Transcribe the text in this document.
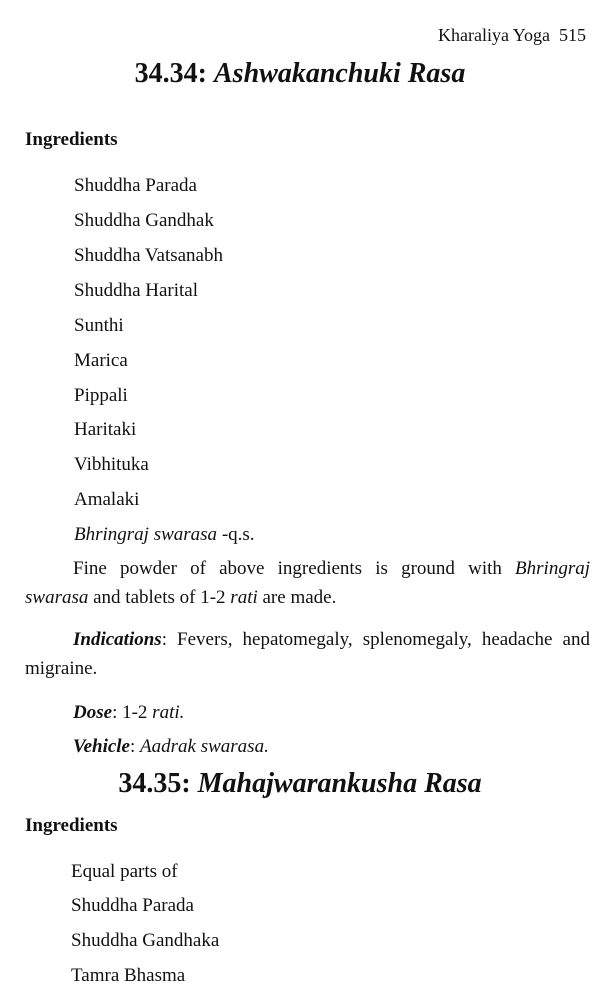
Kharaliya Yoga 515
34.34: Ashwakanchuki Rasa
Ingredients
Shuddha Parada
Shuddha Gandhak
Shuddha Vatsanabh
Shuddha Harital
Sunthi
Marica
Pippali
Haritaki
Vibhituka
Amalaki
Bhringraj swarasa -q.s.
Fine powder of above ingredients is ground with Bhringraj swarasa and tablets of 1-2 rati are made.
Indications: Fevers, hepatomegaly, splenomegaly, headache and migraine.
Dose: 1-2 rati.
Vehicle: Aadrak swarasa.
34.35: Mahajwarankusha Rasa
Ingredients
Equal parts of
Shuddha Parada
Shuddha Gandhaka
Tamra Bhasma
